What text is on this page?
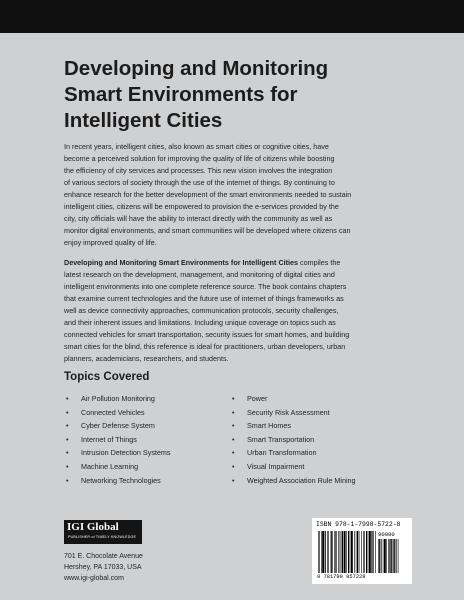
Developing and Monitoring
Smart Environments for
Intelligent Cities
In recent years, intelligent cities, also known as smart cities or cognitive cities, have
become a perceived solution for improving the quality of life of citizens while boosting
the efficiency of city services and processes. This new vision involves the integration
of various sectors of society through the use of the internet of things. By continuing to
enhance research for the better development of the smart environments needed to sustain
intelligent cities, citizens will be empowered to provision the e-services provided by the
city, city officials will have the ability to interact directly with the community as well as
monitor digital environments, and smart communities will be developed where citizens can
enjoy improved quality of life.
Developing and Monitoring Smart Environments for Intelligent Cities compiles the
latest research on the development, management, and monitoring of digital cities and
intelligent environments into one complete reference source. The book contains chapters
that examine current technologies and the future use of internet of things frameworks as
well as device connectivity approaches, communication protocols, security challenges,
and their inherent issues and limitations. Including unique coverage on topics such as
connected vehicles for smart transportation, security issues for smart homes, and building
smart cities for the blind, this reference is ideal for practitioners, urban developers, urban
planners, academicians, researchers, and students.
Topics Covered
• Air Pollution Monitoring
• Connected Vehicles
• Cyber Defense System
• Internet of Things
• Intrusion Detection Systems
• Machine Learning
• Networking Technologies
• Power
• Security Risk Assessment
• Smart Homes
• Smart Transportation
• Urban Transformation
• Visual Impairment
• Weighted Association Rule Mining
IGI Global
PUBLISHER of TIMELY KNOWLEDGE
701 E. Chocolate Avenue
Hershey, PA 17033, USA
www.igi-global.com
ISBN 978-1-7998-5722-8
90000
9 781799 857228
